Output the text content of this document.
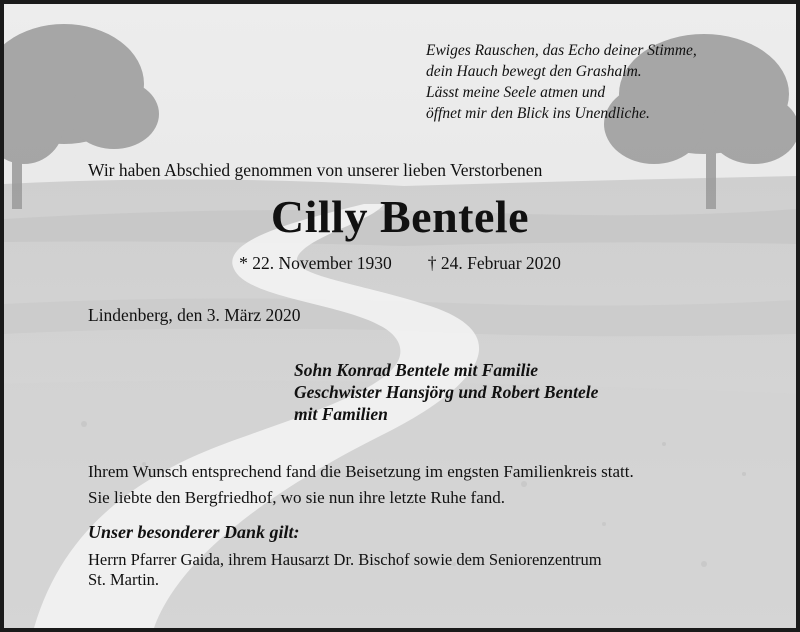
Ewiges Rauschen, das Echo deiner Stimme,
dein Hauch bewegt den Grashalm.
Lässt meine Seele atmen und
öffnet mir den Blick ins Unendliche.
Wir haben Abschied genommen von unserer lieben Verstorbenen
Cilly Bentele
* 22. November 1930 † 24. Februar 2020
Lindenberg, den 3. März 2020
Sohn Konrad Bentele mit Familie
Geschwister Hansjörg und Robert Bentele
mit Familien
Ihrem Wunsch entsprechend fand die Beisetzung im engsten Familienkreis statt.
Sie liebte den Bergfriedhof, wo sie nun ihre letzte Ruhe fand.
Unser besonderer Dank gilt:
Herrn Pfarrer Gaida, ihrem Hausarzt Dr. Bischof sowie dem Seniorenzentrum
St. Martin.
